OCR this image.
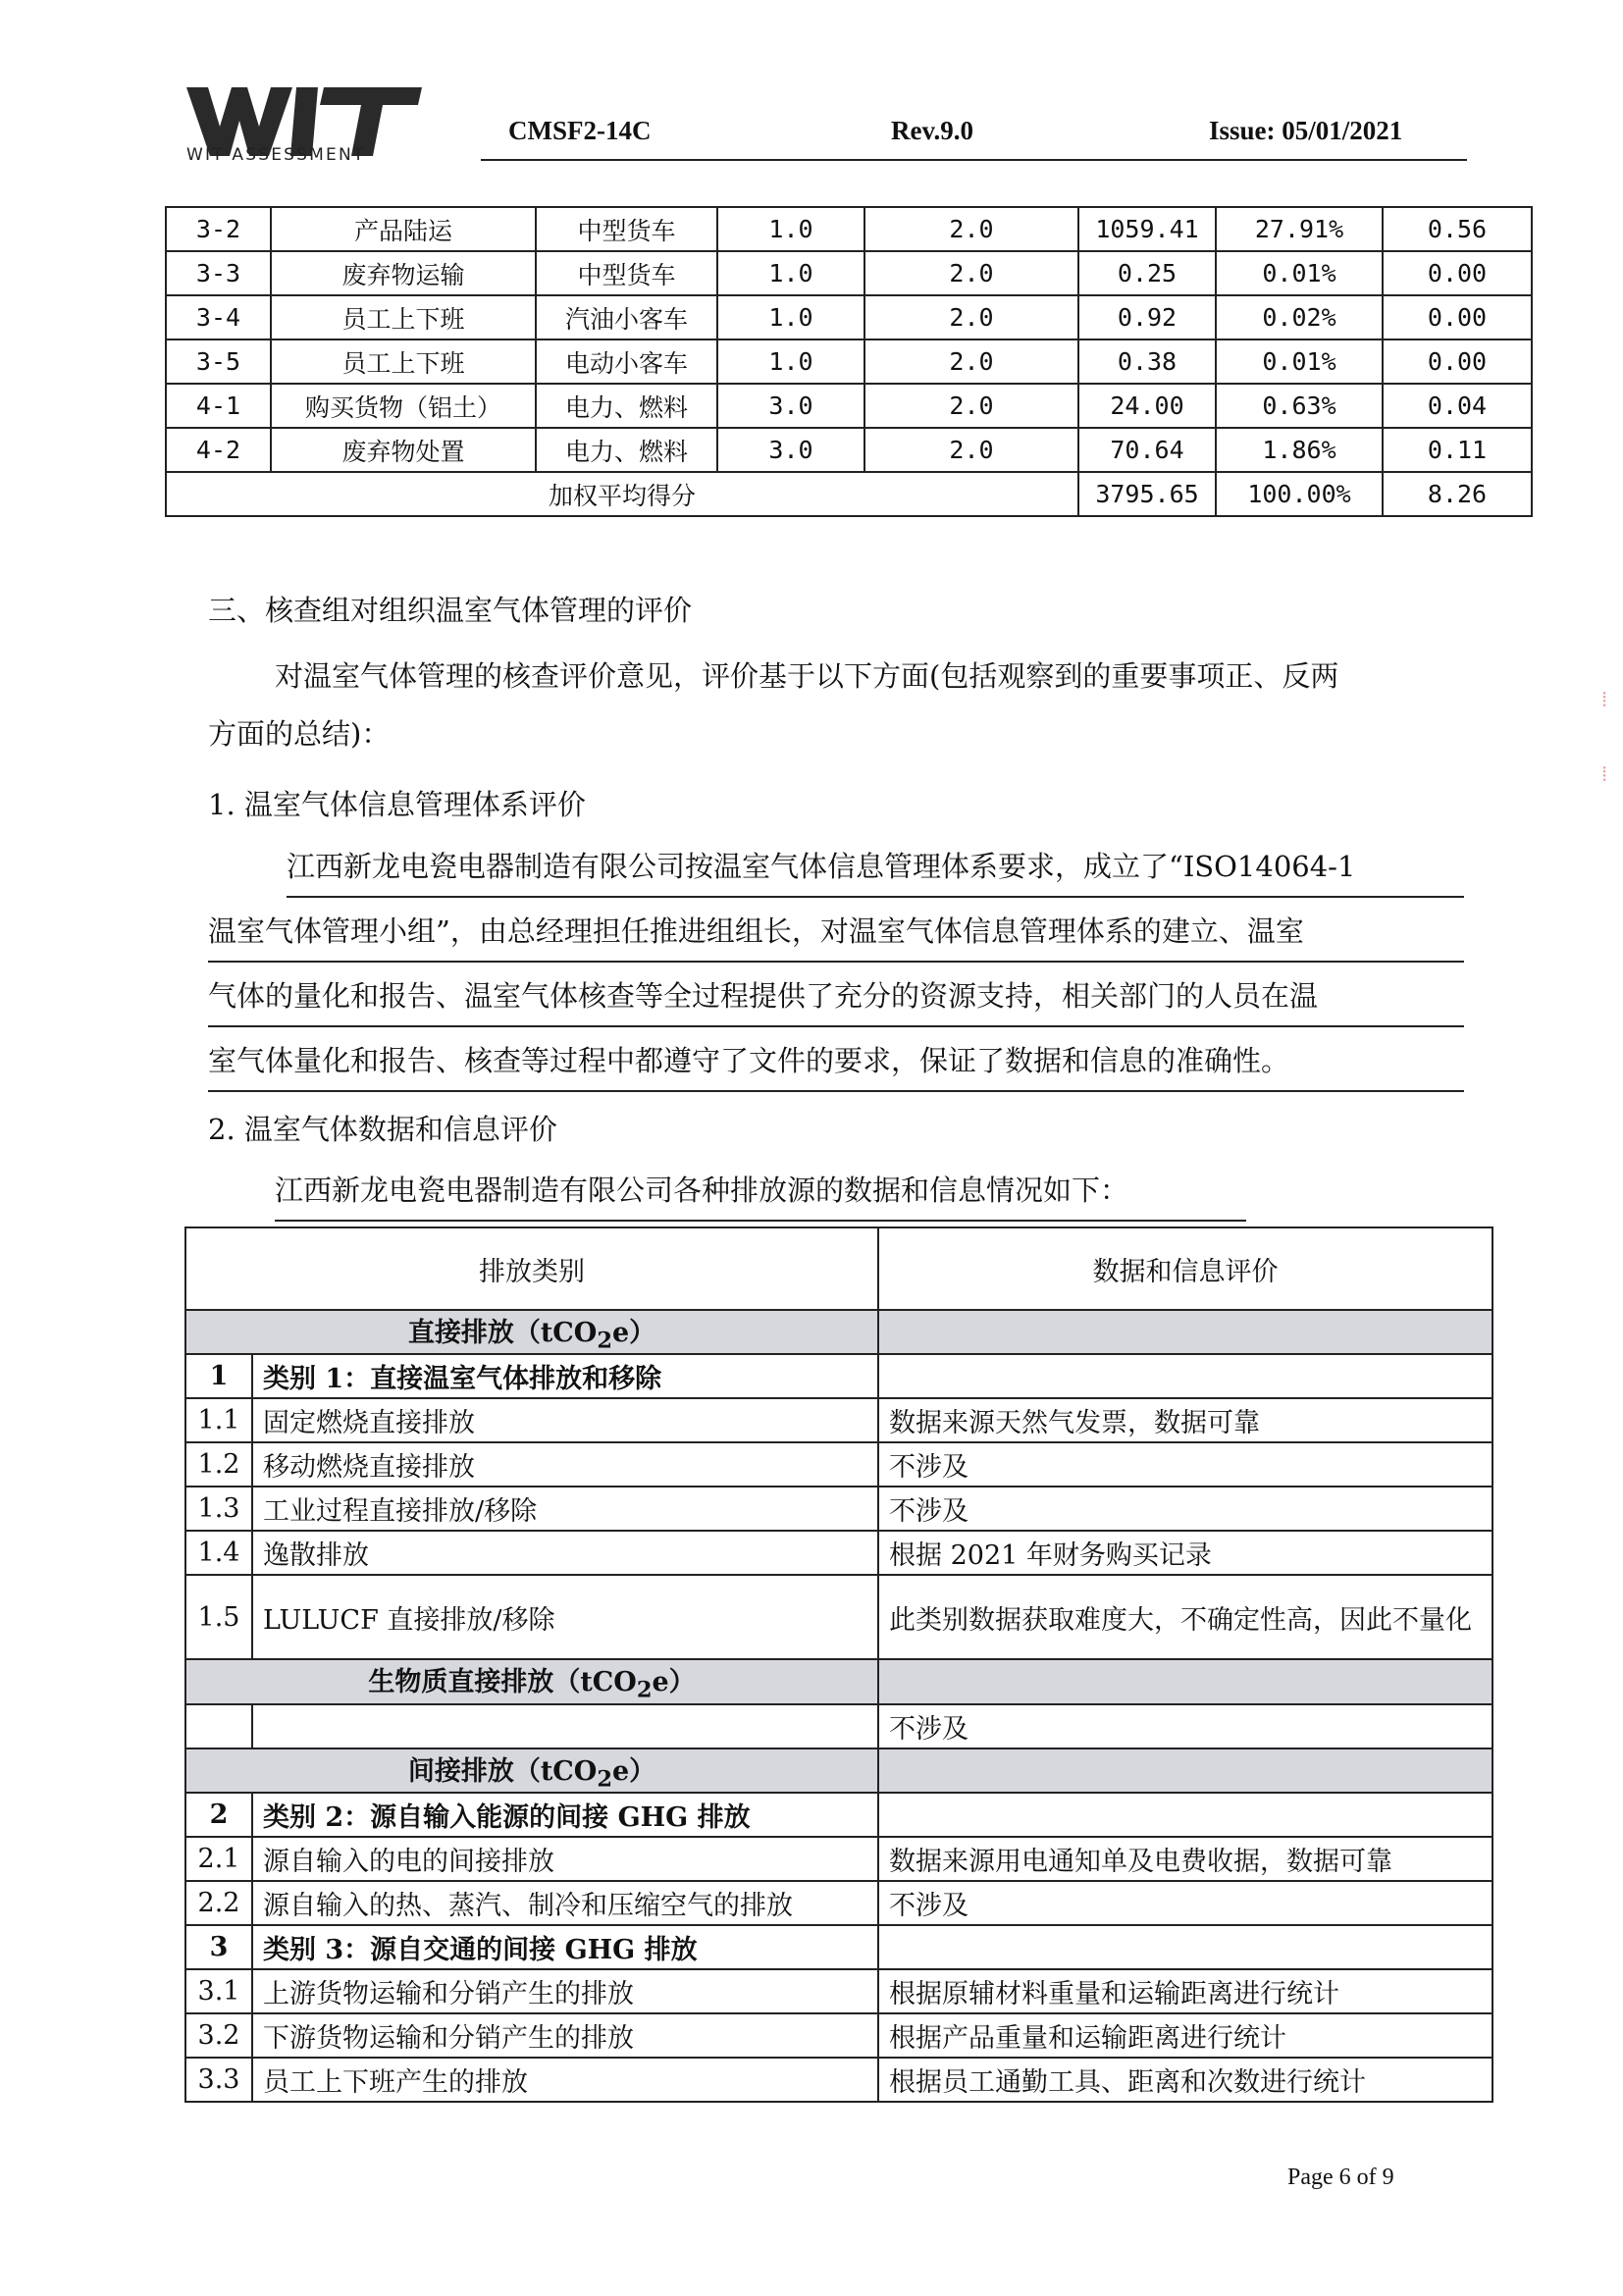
WIT ASSESSMENT
CMSF2-14C	Rev.9.0	Issue: 05/01/2021
3-2	产品陆运	中型货车	1.0	2.0	1059.41	27.91%	0.56
3-3	废弃物运输	中型货车	1.0	2.0	0.25	0.01%	0.00
3-4	员工上下班	汽油小客车	1.0	2.0	0.92	0.02%	0.00
3-5	员工上下班	电动小客车	1.0	2.0	0.38	0.01%	0.00
4-1	购买货物（铝土）	电力、燃料	3.0	2.0	24.00	0.63%	0.04
4-2	废弃物处置	电力、燃料	3.0	2.0	70.64	1.86%	0.11
加权平均得分					3795.65	100.00%	8.26
三、核查组对组织温室气体管理的评价
对温室气体管理的核查评价意见，评价基于以下方面(包括观察到的重要事项正、反两
方面的总结)：
1. 温室气体信息管理体系评价
江西新龙电瓷电器制造有限公司按温室气体信息管理体系要求，成立了“ISO14064-1
温室气体管理小组”，由总经理担任推进组组长，对温室气体信息管理体系的建立、温室
气体的量化和报告、温室气体核查等全过程提供了充分的资源支持，相关部门的人员在温
室气体量化和报告、核查等过程中都遵守了文件的要求，保证了数据和信息的准确性。
2. 温室气体数据和信息评价
江西新龙电瓷电器制造有限公司各种排放源的数据和信息情况如下：
排放类别		数据和信息评价
直接排放（tCO$_2$e）		
1	类别 1：直接温室气体排放和移除	
1.1	固定燃烧直接排放	数据来源天然气发票，数据可靠
1.2	移动燃烧直接排放	不涉及
1.3	工业过程直接排放/移除	不涉及
1.4	逸散排放	根据 2021 年财务购买记录
1.5	LULUCF 直接排放/移除	此类别数据获取难度大，不确定性高，因此不量化
生物质直接排放（tCO$_2$e）		
		不涉及
间接排放（tCO$_2$e）		
2	类别 2：源自输入能源的间接 GHG 排放	
2.1	源自输入的电的间接排放	数据来源用电通知单及电费收据，数据可靠
2.2	源自输入的热、蒸汽、制冷和压缩空气的排放	不涉及
3	类别 3：源自交通的间接 GHG 排放	
3.1	上游货物运输和分销产生的排放	根据原辅材料重量和运输距离进行统计
3.2	下游货物运输和分销产生的排放	根据产品重量和运输距离进行统计
3.3	员工上下班产生的排放	根据员工通勤工具、距离和次数进行统计
Page 6 of 9
⁞

⁞
